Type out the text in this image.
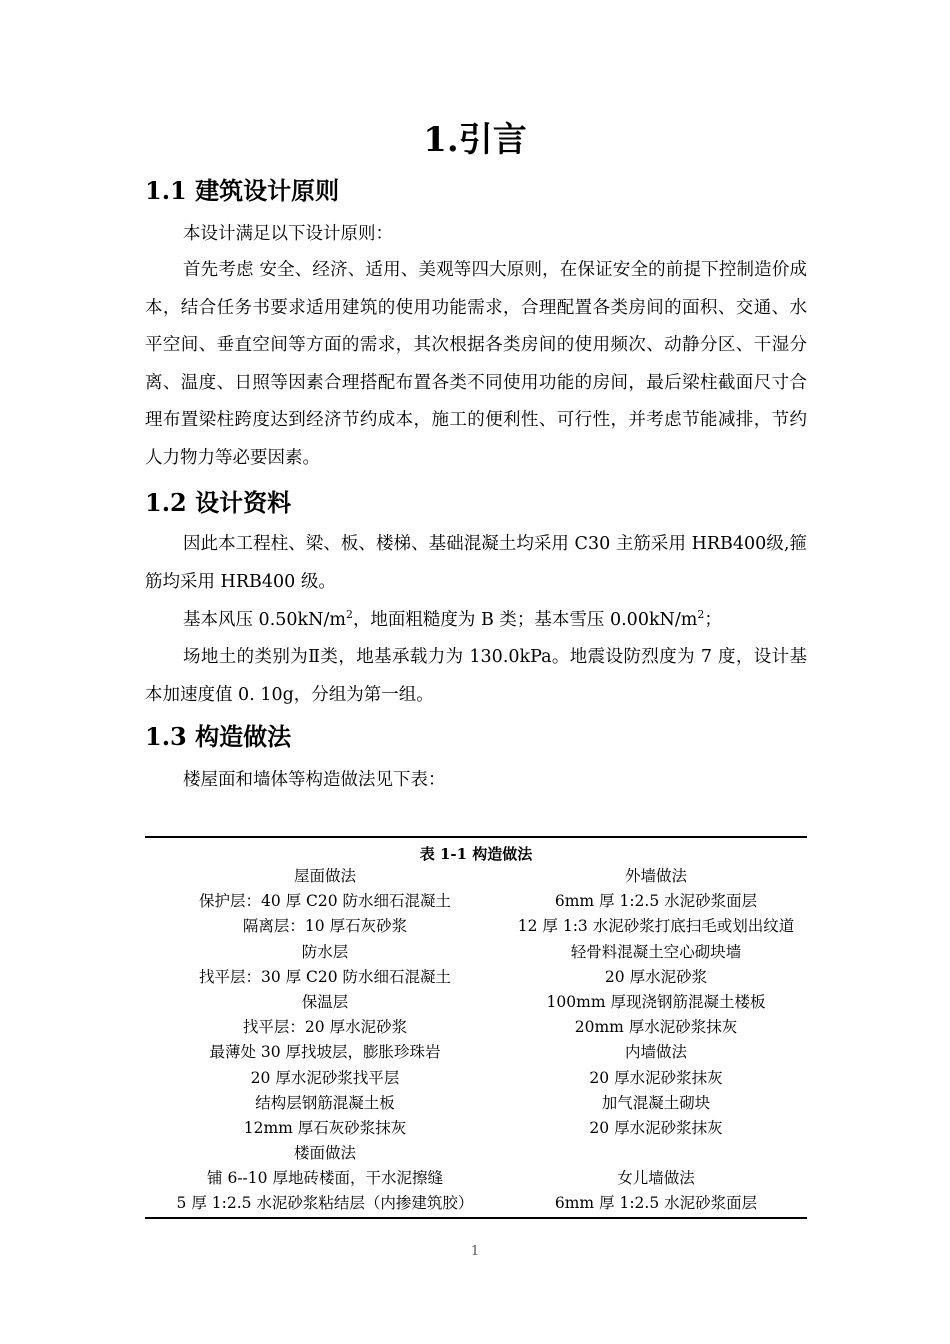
1.引言
1.1 建筑设计原则
本设计满足以下设计原则：
首先考虑 安全、经济、适用、美观等四大原则，在保证安全的前提下控制造价成本，结合任务书要求适用建筑的使用功能需求，合理配置各类房间的面积、交通、水平空间、垂直空间等方面的需求，其次根据各类房间的使用频次、动静分区、干湿分离、温度、日照等因素合理搭配布置各类不同使用功能的房间，最后梁柱截面尺寸合理布置梁柱跨度达到经济节约成本，施工的便利性、可行性，并考虑节能减排，节约人力物力等必要因素。
1.2 设计资料
因此本工程柱、梁、板、楼梯、基础混凝土均采用 C30 主筋采用 HRB400级,箍筋均采用 HRB400 级。
基本风压 $0.50kN/m^2$，地面粗糙度为 B 类；基本雪压 $0.00kN/m^2$；
场地土的类别为Ⅱ类，地基承载力为 130.0kPa。地震设防烈度为 7 度，设计基本加速度值 0. 10g，分组为第一组。
1.3 构造做法
楼屋面和墙体等构造做法见下表：
表 1-1 构造做法
屋面做法
保护层：40 厚 C20 防水细石混凝土
隔离层：10 厚石灰砂浆
防水层
找平层：30 厚 C20 防水细石混凝土
保温层
找平层：20 厚水泥砂浆
最薄处 30 厚找坡层，膨胀珍珠岩
20 厚水泥砂浆找平层
结构层钢筋混凝土板
12mm 厚石灰砂浆抹灰
楼面做法
铺 6--10 厚地砖楼面，干水泥擦缝
5 厚 1:2.5 水泥砂浆粘结层（内掺建筑胶）
外墙做法
6mm 厚 1:2.5 水泥砂浆面层
12 厚 1:3 水泥砂浆打底扫毛或划出纹道
轻骨料混凝土空心砌块墙
20 厚水泥砂浆
100mm 厚现浇钢筋混凝土楼板
20mm 厚水泥砂浆抹灰
内墙做法
20 厚水泥砂浆抹灰
加气混凝土砌块
20 厚水泥砂浆抹灰
女儿墙做法
6mm 厚 1:2.5 水泥砂浆面层
1
